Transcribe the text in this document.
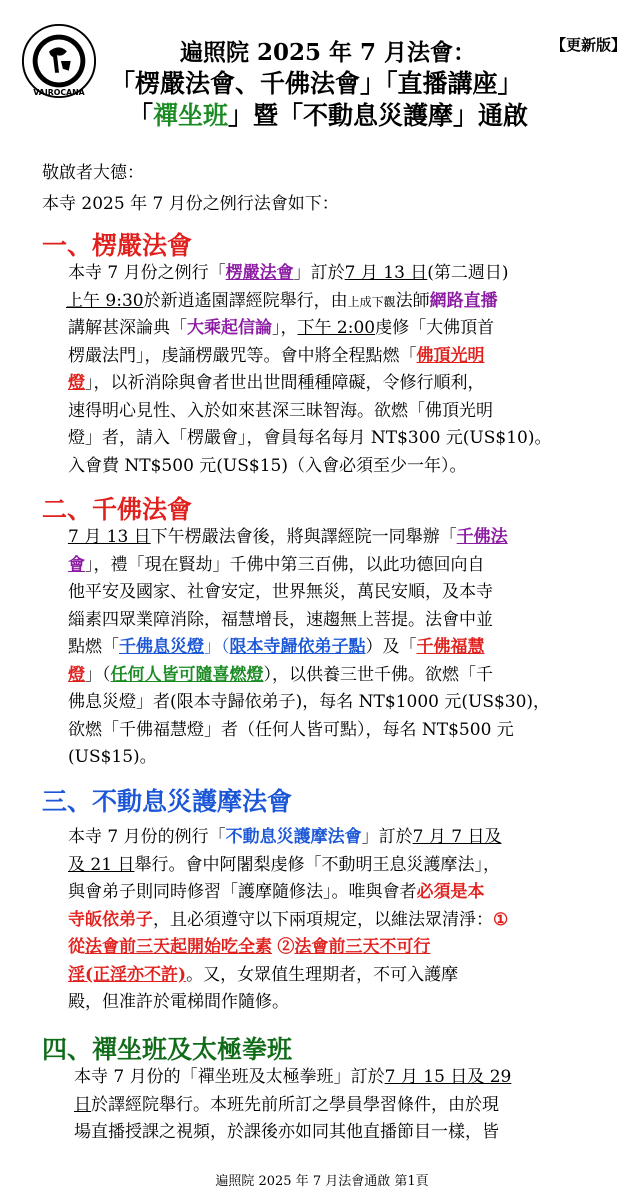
VAIROCANA
遍照院 2025 年 7 月法會：	【更新版】
「楞嚴法會、千佛法會」「直播講座」
「禪坐班」暨「不動息災護摩」通啟
敬啟者大德：
本寺 2025 年 7 月份之例行法會如下：
一、楞嚴法會
本寺 7 月份之例行「楞嚴法會」訂於7 月 13 日(第二週日)
上午 9:30於新逍遙園譯經院舉行，由上成下觀法師網路直播
講解甚深論典「大乘起信論」，下午 2:00虔修「大佛頂首
楞嚴法門」，虔誦楞嚴咒等。會中將全程點燃「佛頂光明
燈」，以祈消除與會者世出世間種種障礙，令修行順利，
速得明心見性、入於如來甚深三昧智海。欲燃「佛頂光明
燈」者，請入「楞嚴會」，會員每名每月 NT$300 元(US$10)。
入會費 NT$500 元(US$15)（入會必須至少一年）。
二、千佛法會
7 月 13 日下午楞嚴法會後，將與譯經院一同舉辦「千佛法
會」，禮「現在賢劫」千佛中第三百佛，以此功德回向自
他平安及國家、社會安定，世界無災，萬民安順，及本寺
緇素四眾業障消除，福慧增長，速趨無上菩提。法會中並
點燃「千佛息災燈」（限本寺歸依弟子點）及「千佛福慧
燈」（任何人皆可隨喜燃燈），以供養三世千佛。欲燃「千
佛息災燈」者(限本寺歸依弟子)，每名 NT$1000 元(US$30)，
欲燃「千佛福慧燈」者（任何人皆可點），每名 NT$500 元
(US$15)。
三、不動息災護摩法會
本寺 7 月份的例行「不動息災護摩法會」訂於7 月 7 日及
及 21 日舉行。會中阿闍梨虔修「不動明王息災護摩法」，
與會弟子則同時修習「護摩隨修法」。唯與會者必須是本
寺皈依弟子，且必須遵守以下兩項規定，以維法眾清淨：①
從法會前三天起開始吃全素 ②法會前三天不可行
淫(正淫亦不許)。又，女眾值生理期者，不可入護摩
殿，但准許於電梯間作隨修。
四、禪坐班及太極拳班
本寺 7 月份的「禪坐班及太極拳班」訂於7 月 15 日及 29
日於譯經院舉行。本班先前所訂之學員學習條件，由於現
場直播授課之視頻，於課後亦如同其他直播節目一樣，皆
遍照院 2025 年 7 月法會通啟 第1頁
